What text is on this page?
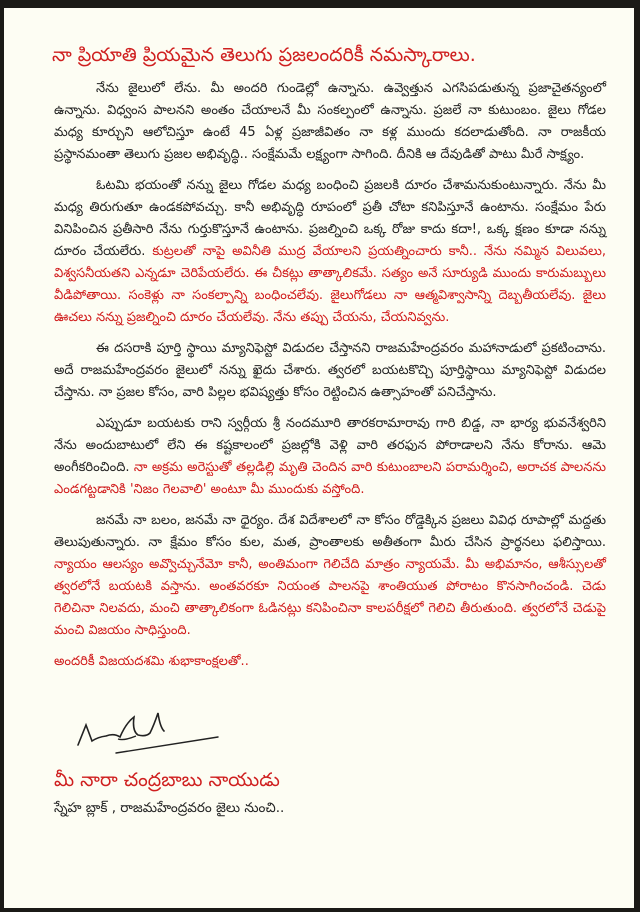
నా ప్రియాతి ప్రియమైన తెలుగు ప్రజలందరికీ నమస్కారాలు.

నేను జైలులో లేను. మీ అందరి గుండెల్లో ఉన్నాను. ఉవ్వెత్తున ఎగసిపడుతున్న ప్రజాచైతన్యంలో ఉన్నాను. విధ్వంస పాలనని అంతం చేయాలనే మీ సంకల్పంలో ఉన్నాను. ప్రజలే నా కుటుంబం. జైలు గోడల మధ్య కూర్చుని ఆలోచిస్తూ ఉంటే 45 ఏళ్ల ప్రజాజీవితం నా కళ్ల ముందు కదలాడుతోంది. నా రాజకీయ ప్రస్థానమంతా తెలుగు ప్రజల అభివృద్ధి.. సంక్షేమమే లక్ష్యంగా సాగింది. దీనికి ఆ దేవుడితో పాటు మీరే సాక్ష్యం.

ఓటమి భయంతో నన్ను జైలు గోడల మధ్య బంధించి ప్రజలకి దూరం చేశామనుకుంటున్నారు. నేను మీ మధ్య తిరుగుతూ ఉండకపోవచ్చు. కానీ అభివృద్ధి రూపంలో ప్రతీ చోటా కనిపిస్తూనే ఉంటాను. సంక్షేమం పేరు వినిపించిన ప్రతీసారి నేను గుర్తుకొస్తూనే ఉంటాను. ప్రజల్నించి ఒక్క రోజు కాదు కదా!, ఒక్క క్షణం కూడా నన్ను దూరం చేయలేరు. కుట్రలతో నాపై అవినీతి ముద్ర వేయాలని ప్రయత్నించారు కానీ.. నేను నమ్మిన విలువలు, విశ్వసనీయతని ఎన్నడూ చెరిపేయలేరు. ఈ చీకట్లు తాత్కాలికమే. సత్యం అనే సూర్యుడి ముందు కారుమబ్బులు వీడిపోతాయి. సంకెళ్లు నా సంకల్పాన్ని బంధించలేవు. జైలుగోడలు నా ఆత్మవిశ్వాసాన్ని దెబ్బతీయలేవు. జైలు ఊచలు నన్ను ప్రజల్నించి దూరం చేయలేవు. నేను తప్పు చేయను, చేయనివ్వను.

ఈ దసరాకి పూర్తి స్థాయి మ్యానిఫెస్టో విడుదల చేస్తానని రాజమహేంద్రవరం మహానాడులో ప్రకటించాను. అదే రాజమహేంద్రవరం జైలులో నన్ను ఖైదు చేశారు. త్వరలో బయటకొచ్చి పూర్తిస్థాయి మ్యానిఫెస్టో విడుదల చేస్తాను. నా ప్రజల కోసం, వారి పిల్లల భవిష్యత్తు కోసం రెట్టించిన ఉత్సాహంతో పనిచేస్తాను.

ఎప్పుడూ బయటకు రాని స్వర్గీయ శ్రీ నందమూరి తారకరామారావు గారి బిడ్డ, నా భార్య భువనేశ్వరిని నేను అందుబాటులో లేని ఈ కష్టకాలంలో ప్రజల్లోకి వెళ్లి వారి తరఫున పోరాడాలని నేను కోరాను. ఆమె అంగీకరించింది. నా అక్రమ అరెస్టుతో తల్లడిల్లి మృతి చెందిన వారి కుటుంబాలని పరామర్శించి, అరాచక పాలనను ఎండగట్టడానికి 'నిజం గెలవాలి' అంటూ మీ ముందుకు వస్తోంది.

జనమే నా బలం, జనమే నా ధైర్యం. దేశ విదేశాలలో నా కోసం రోడ్డెక్కిన ప్రజలు వివిధ రూపాల్లో మద్దతు తెలుపుతున్నారు. నా క్షేమం కోసం కుల, మత, ప్రాంతాలకు అతీతంగా మీరు చేసిన ప్రార్థనలు ఫలిస్తాయి. న్యాయం ఆలస్యం అవ్వొచ్చునేమో కానీ, అంతిమంగా గెలిచేది మాత్రం న్యాయమే. మీ అభిమానం, ఆశీస్సులతో త్వరలోనే బయటకి వస్తాను. అంతవరకూ నియంత పాలనపై శాంతియుత పోరాటం కొనసాగించండి. చెడు గెలిచినా నిలవదు, మంచి తాత్కాలికంగా ఓడినట్లు కనిపించినా కాలపరీక్షలో గెలిచి తీరుతుంది. త్వరలోనే చెడుపై మంచి విజయం సాధిస్తుంది.

అందరికీ విజయదశమి శుభాకాంక్షలతో..
మీ నారా చంద్రబాబు నాయుడు
స్నేహ బ్లాక్ , రాజమహేంద్రవరం జైలు నుంచి..
